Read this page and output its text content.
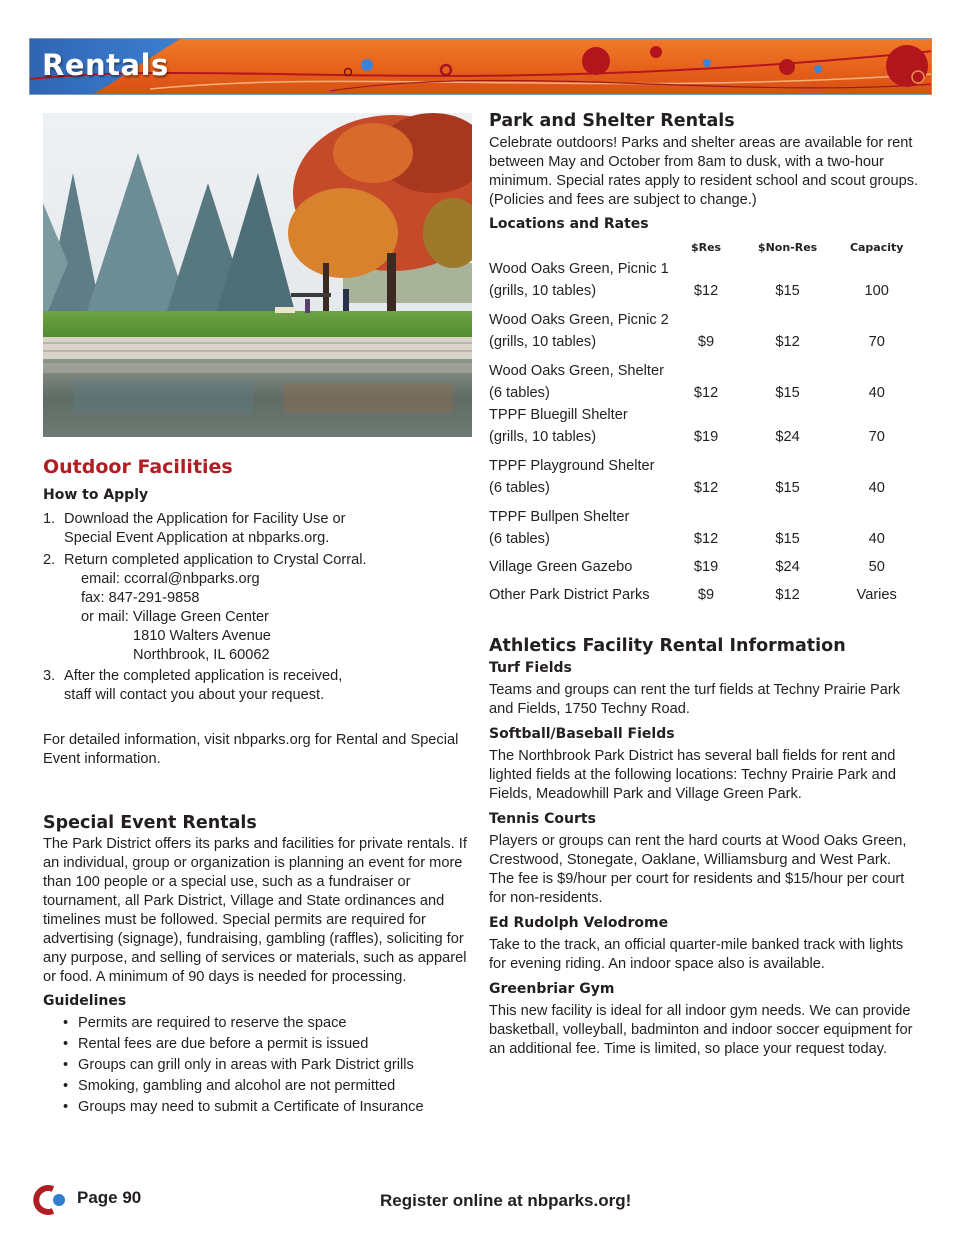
Rentals
Outdoor Facilities
How to Apply
1. Download the Application for Facility Use or
Special Event Application at nbparks.org.
2. Return completed application to Crystal Corral.
email: ccorral@nbparks.org
fax: 847-291-9858
or mail: Village Green Center
1810 Walters Avenue
Northbrook, IL 60062
3. After the completed application is received,
staff will contact you about your request.
For detailed information, visit nbparks.org for Rental and Special Event information.
Special Event Rentals
The Park District offers its parks and facilities for private rentals. If an individual, group or organization is planning an event for more than 100 people or a special use, such as a fundraiser or tournament, all Park District, Village and State ordinances and timelines must be followed. Special permits are required for advertising (signage), fundraising, gambling (raffles), soliciting for any purpose, and selling of services or materials, such as apparel or food. A minimum of 90 days is needed for processing.
Guidelines
• Permits are required to reserve the space
• Rental fees are due before a permit is issued
• Groups can grill only in areas with Park District grills
• Smoking, gambling and alcohol are not permitted
• Groups may need to submit a Certificate of Insurance
Park and Shelter Rentals
Celebrate outdoors! Parks and shelter areas are available for rent between May and October from 8am to dusk, with a two-hour minimum. Special rates apply to resident school and scout groups. (Policies and fees are subject to change.)
Locations and Rates
	$Res	$Non-Res	Capacity
Wood Oaks Green, Picnic 1			
(grills, 10 tables)	$12	$15	100
Wood Oaks Green, Picnic 2			
(grills, 10 tables)	$9	$12	70
Wood Oaks Green, Shelter			
(6 tables)	$12	$15	40
TPPF Bluegill Shelter			
(grills, 10 tables)	$19	$24	70
TPPF Playground Shelter			
(6 tables)	$12	$15	40
TPPF Bullpen Shelter			
(6 tables)	$12	$15	40
Village Green Gazebo	$19	$24	50
Other Park District Parks	$9	$12	Varies
Athletics Facility Rental Information
Turf Fields
Teams and groups can rent the turf fields at Techny Prairie Park and Fields, 1750 Techny Road.
Softball/Baseball Fields
The Northbrook Park District has several ball fields for rent and lighted fields at the following locations: Techny Prairie Park and Fields, Meadowhill Park and Village Green Park.
Tennis Courts
Players or groups can rent the hard courts at Wood Oaks Green, Crestwood, Stonegate, Oaklane, Williamsburg and West Park. The fee is $9/hour per court for residents and $15/hour per court for non-residents.
Ed Rudolph Velodrome
Take to the track, an official quarter-mile banked track with lights for evening riding. An indoor space also is available.
Greenbriar Gym
This new facility is ideal for all indoor gym needs. We can provide basketball, volleyball, badminton and indoor soccer equipment for an additional fee. Time is limited, so place your request today.
Page 90	Register online at nbparks.org!
